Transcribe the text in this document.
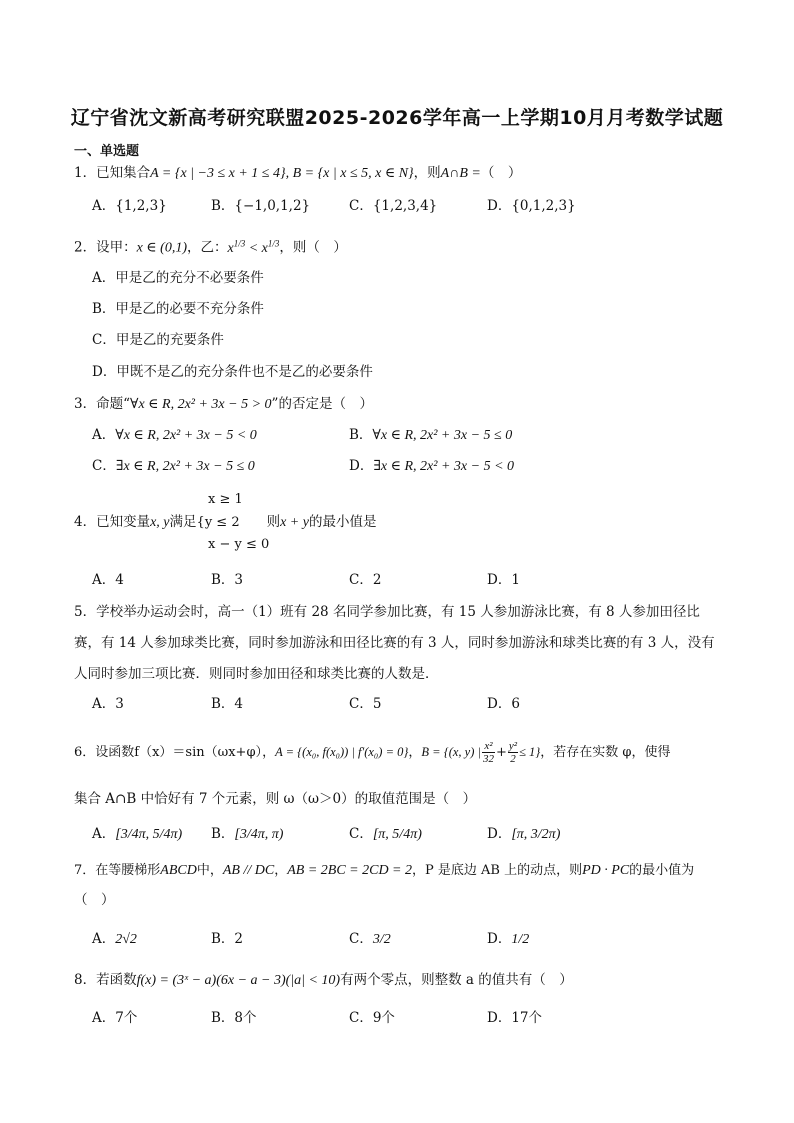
辽宁省沈文新高考研究联盟2025-2026学年高一上学期10月月考数学试题
一、单选题
1．已知集合A = {x | −3 ≤ x + 1 ≤ 4}, B = {x | x ≤ 5, x ∈ N}，则A∩B =（　）
A．{1,2,3}	B．{−1,0,1,2}	C．{1,2,3,4}	D．{0,1,2,3}
2．设甲：x ∈ (0,1)，乙：$x^{1/3} < x^{1/3}$，则（　）
A．甲是乙的充分不必要条件
B．甲是乙的必要不充分条件
C．甲是乙的充要条件
D．甲既不是乙的充分条件也不是乙的必要条件
3．命题“∀x ∈ R, 2x² + 3x − 5 > 0”的否定是（　）
A．∀x ∈ R, 2x² + 3x − 5 < 0	B．∀x ∈ R, 2x² + 3x − 5 ≤ 0
C．∃x ∈ R, 2x² + 3x − 5 ≤ 0	D．∃x ∈ R, 2x² + 3x − 5 < 0
x ≥ 1
4．已知变量x, y满足{y ≤ 2　　 则x + y的最小值是
x − y ≤ 0
A．4	B．3	C．2	D．1
5．学校举办运动会时，高一（1）班有 28 名同学参加比赛，有 15 人参加游泳比赛，有 8 人参加田径比赛，有 14 人参加球类比赛，同时参加游泳和田径比赛的有 3 人，同时参加游泳和球类比赛的有 3 人，没有人同时参加三项比赛．则同时参加田径和球类比赛的人数是．
A．3	B．4	C．5	D．6
6．设函数f（x）＝sin（ωx+φ），A = {(x₀, f(x₀)) | f′(x₀) = 0}，B = {(x, y) | $\frac{\text{x²}}{32} + \frac{\text{y²}}{2} \le 1$}，若存在实数 φ，使得
集合 A∩B 中恰好有 7 个元素，则 ω（ω＞0）的取值范围是（　）
A．[3/4π, 5/4π) B．[3/4π, π)	C．[π, 5/4π)	D．[π, 3/2π)
7．在等腰梯形ABCD中，AB // DC，AB = 2BC = 2CD = 2，P 是底边 AB 上的动点，则PD · PC的最小值为
（　）
A．2√2	B．2	C．3/2	D．1/2
8．若函数f(x) = (3ˣ − a)(6x − a − 3)(|a| < 10)有两个零点，则整数 a 的值共有（　）
A．7个	B．8个	C．9个	D．17个
